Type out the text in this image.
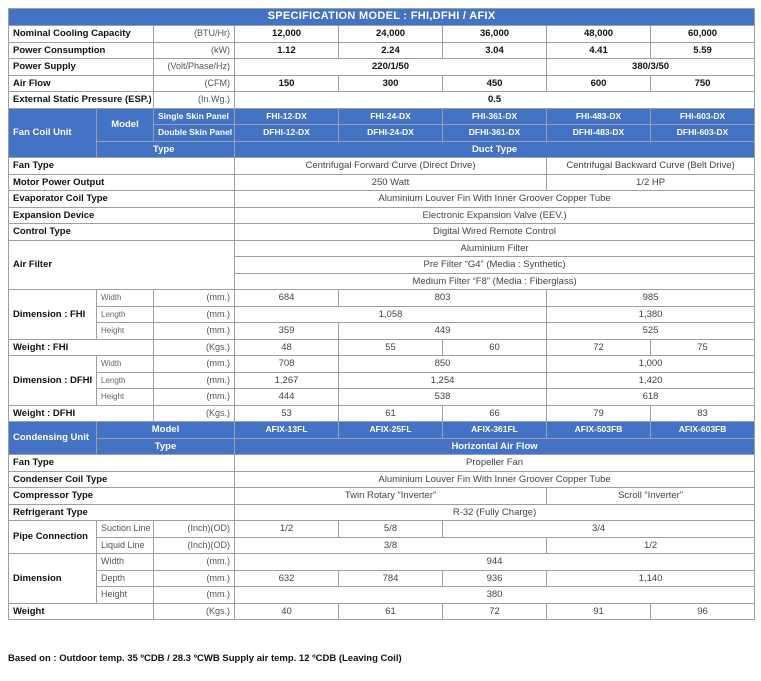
SPECIFICATION MODEL : FHI,DFHI / AFIX							
Nominal Cooling Capacity		(BTU/Hr)	12,000	24,000	36,000	48,000	60,000
Power Consumption		(kW)	1.12	2.24	3.04	4.41	5.59
Power Supply		(Volt/Phase/Hz)	220/1/50			380/3/50	
Air Flow		(CFM)	150	300	450	600	750
External Static Pressure (ESP.)		(In.Wg.)	0.5				
Fan Coil Unit	Model	Single Skin Panel	FHI-12-DX	FHI-24-DX	FHI-361-DX	FHI-483-DX	FHI-603-DX
		Double Skin Panel	DFHI-12-DX	DFHI-24-DX	DFHI-361-DX	DFHI-483-DX	DFHI-603-DX
	Type		Duct Type				
Fan Type			Centrifugal Forward Curve (Direct Drive)			Centrifugal Backward Curve (Belt Drive)	
Motor Power Output			250 Watt			1/2 HP	
Evaporator Coil Type			Aluminium Louver Fin With Inner Groover Copper Tube				
Expansion Device			Electronic Expansion Valve (EEV.)				
Control Type			Digital Wired Remote Control				
Air Filter			Aluminium Filter				
			Pre Filter “G4” (Media : Synthetic)				
			Medium Filter “F8” (Media : Fiberglass)				
Dimension : FHI	Width	(mm.)	684	803		985	
	Length	(mm.)	1,058			1,380	
	Height	(mm.)	359	449		525	
Weight : FHI		(Kgs.)	48	55	60	72	75
Dimension : DFHI	Width	(mm.)	708	850		1,000	
	Length	(mm.)	1,267	1,254		1,420	
	Height	(mm.)	444	538		618	
Weight : DFHI		(Kgs.)	53	61	66	79	83
Condensing Unit	Model		AFIX-13FL	AFIX-25FL	AFIX-361FL	AFIX-503FB	AFIX-603FB
	Type		Horizontal Air Flow				
Fan Type			Propeller Fan				
Condenser Coil Type			Aluminium Louver Fin With Inner Groover Copper Tube				
Compressor Type			Twin Rotary “Inverter”			Scroll “Inverter”	
Refrigerant Type			R-32 (Fully Charge)				
Pipe Connection	Suction Line	(Inch)(OD)	1/2	5/8	3/4		
	Liquid Line	(Inch)(OD)	3/8			1/2	
Dimension	Width	(mm.)	944				
	Depth	(mm.)	632	784	936	1,140	
	Height	(mm.)	380				
Weight		(Kgs.)	40	61	72	91	96
Based on : Outdoor temp. 35 ºCDB / 28.3 ºCWB Supply air temp. 12 ºCDB (Leaving Coil)
